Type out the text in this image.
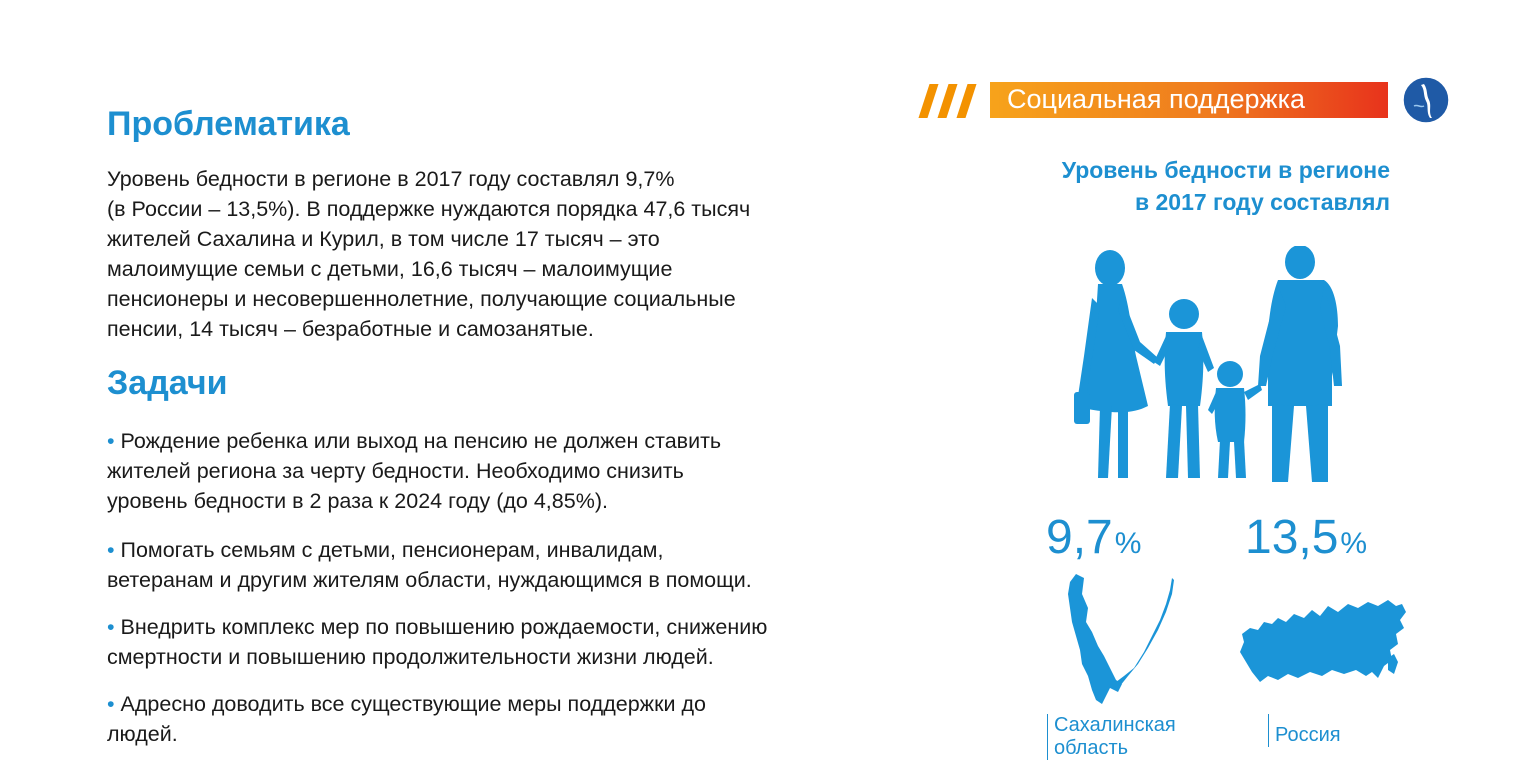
Проблематика
Уровень бедности в регионе в 2017 году составлял 9,7%
(в России – 13,5%). В поддержке нуждаются порядка 47,6 тысяч
жителей Сахалина и Курил, в том числе 17 тысяч – это
малоимущие семьи с детьми, 16,6 тысяч – малоимущие
пенсионеры и несовершеннолетние, получающие социальные
пенсии, 14 тысяч – безработные и самозанятые.
Задачи
• Рождение ребенка или выход на пенсию не должен ставить
жителей региона за черту бедности. Необходимо снизить
уровень бедности в 2 раза к 2024 году (до 4,85%).
• Помогать семьям с детьми, пенсионерам, инвалидам,
ветеранам и другим жителям области, нуждающимся в помощи.
• Внедрить комплекс мер по повышению рождаемости, снижению
смертности и повышению продолжительности жизни людей.
• Адресно доводить все существующие меры поддержки до
людей.
Социальная поддержка
Уровень бедности в регионе
в 2017 году составлял
9,7% 13,5%
Сахалинская
область
Россия
